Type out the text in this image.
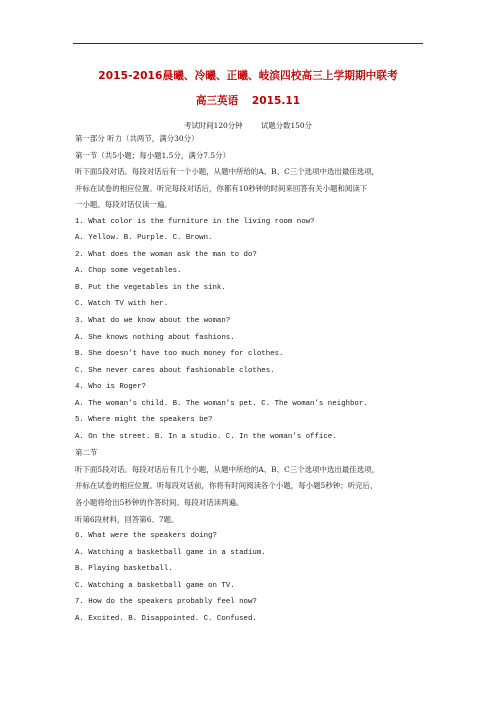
2015-2016晨曦、冷曦、正曦、岐滨四校高三上学期期中联考
高三英语 2015.11
考试时间120分钟 试题分数150分
第一部分 听力（共两节，满分30分）
第一节（共5小题；每小题1.5分，满分7.5分）
听下面5段对话。每段对话后有一个小题，从题中所给的A、B、C三个选项中选出最佳选项，
并标在试卷的相应位置。听完每段对话后，你都有10秒钟的时间来回答有关小题和阅读下
一小题。每段对话仅读一遍。
1. What color is the furniture in the living room now?
A. Yellow. B. Purple. C. Brown.
2. What does the woman ask the man to do?
A. Chop some vegetables.
B. Put the vegetables in the sink.
C. Watch TV with her.
3. What do we know about the woman?
A. She knows nothing about fashions.
B. She doesn’t have too much money for clothes.
C. She never cares about fashionable clothes.
4. Who is Roger?
A. The woman’s child. B. The woman’s pet. C. The woman’s neighbor.
5. Where might the speakers be?
A. On the street. B. In a studio. C. In the woman’s office.
第二节
听下面5段对话。每段对话后有几个小题，从题中所给的A、B、C三个选项中选出最佳选项，
并标在试卷的相应位置。听每段对话前，你将有时间阅读各个小题，每小题5秒钟；听完后，
各小题将给出5秒钟的作答时间。每段对话读两遍。
听第6段材料，回答第6、7题。
6. What were the speakers doing?
A. Watching a basketball game in a stadium.
B. Playing basketball.
C. Watching a basketball game on TV.
7. How do the speakers probably feel now?
A. Excited. B. Disappointed. C. Confused.
